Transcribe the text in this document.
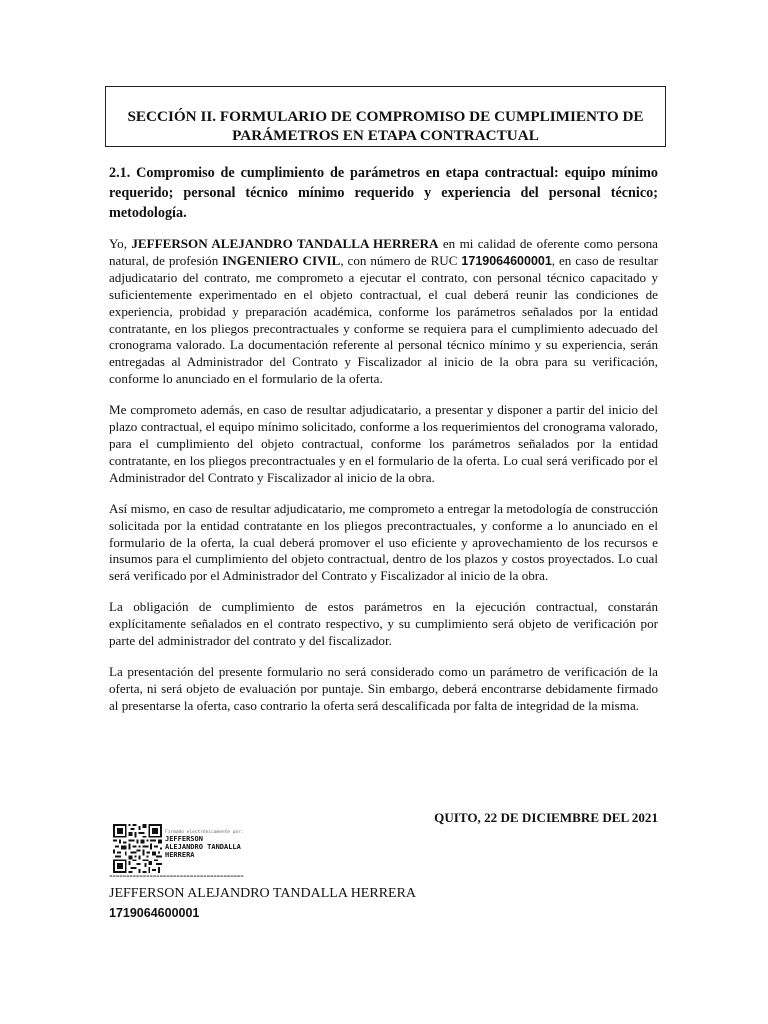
SECCIÓN II. FORMULARIO DE COMPROMISO DE CUMPLIMIENTO DE
PARÁMETROS EN ETAPA CONTRACTUAL

2.1. Compromiso de cumplimiento de parámetros en etapa contractual: equipo mínimo requerido; personal técnico mínimo requerido y experiencia del personal técnico; metodología.

Yo, JEFFERSON ALEJANDRO TANDALLA HERRERA en mi calidad de oferente como persona natural, de profesión INGENIERO CIVIL, con número de RUC 1719064600001, en caso de resultar adjudicatario del contrato, me comprometo a ejecutar el contrato, con personal técnico capacitado y suficientemente experimentado en el objeto contractual, el cual deberá reunir las condiciones de experiencia, probidad y preparación académica, conforme los parámetros señalados por la entidad contratante, en los pliegos precontractuales y conforme se requiera para el cumplimiento adecuado del cronograma valorado. La documentación referente al personal técnico mínimo y su experiencia, serán entregadas al Administrador del Contrato y Fiscalizador al inicio de la obra para su verificación, conforme lo anunciado en el formulario de la oferta.

Me comprometo además, en caso de resultar adjudicatario, a presentar y disponer a partir del inicio del plazo contractual, el equipo mínimo solicitado, conforme a los requerimientos del cronograma valorado, para el cumplimiento del objeto contractual, conforme los parámetros señalados por la entidad contratante, en los pliegos precontractuales y en el formulario de la oferta. Lo cual será verificado por el Administrador del Contrato y Fiscalizador al inicio de la obra.

Así mismo, en caso de resultar adjudicatario, me comprometo a entregar la metodología de construcción solicitada por la entidad contratante en los pliegos precontractuales, y conforme a lo anunciado en el formulario de la oferta, la cual deberá promover el uso eficiente y aprovechamiento de los recursos e insumos para el cumplimiento del objeto contractual, dentro de los plazos y costos proyectados. Lo cual será verificado por el Administrador del Contrato y Fiscalizador al inicio de la obra.

La obligación de cumplimiento de estos parámetros en la ejecución contractual, constarán explícitamente señalados en el contrato respectivo, y su cumplimiento será objeto de verificación por parte del administrador del contrato y del fiscalizador.

La presentación del presente formulario no será considerado como un parámetro de verificación de la oferta, ni será objeto de evaluación por puntaje. Sin embargo, deberá encontrarse debidamente firmado al presentarse la oferta, caso contrario la oferta será descalificada por falta de integridad de la misma.

QUITO, 22 DE DICIEMBRE DEL 2021
Firmado electrónicamente por:
JEFFERSON
ALEJANDRO TANDALLA
HERRERA
----------------------------------------
JEFFERSON ALEJANDRO TANDALLA HERRERA
1719064600001
